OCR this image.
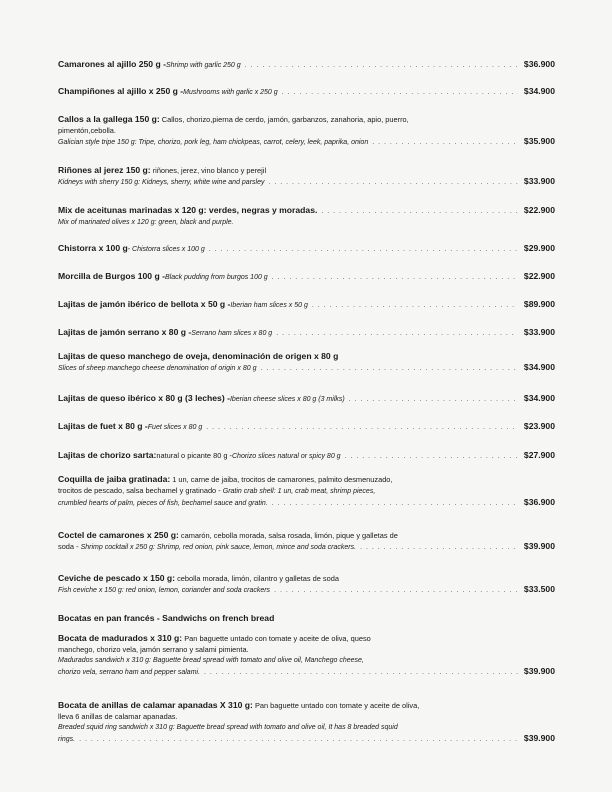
Camarones al ajillo 250 g - Shrimp with garlic 250 g . . .	$36.900
Champiñones al ajillo x 250 g - Mushrooms with garlic x 250 g . . .	$34.900
Callos a la gallega 150 g: Callos, chorizo,pierna de cerdo, jamón, garbanzos, zanahoria, apio, puerro,
pimentón,cebolla.
Galician style tripe 150 g: Tripe, chorizo, pork leg, ham chickpeas, carrot, celery, leek, paprika, onion . . .	$35.900
Riñones al jerez 150 g: riñones, jerez, vino blanco y perejil
Kidneys with sherry 150 g: Kidneys, sherry, white wine and parsley . . .	$33.900
Mix de aceitunas marinadas x 120 g: verdes, negras y moradas. . . .	$22.900
Mix of marinated olives x 120 g: green, black and purple.
Chistorra x 100 g - Chistorra slices x 100 g . . .	$29.900
Morcilla de Burgos 100 g - Black pudding from burgos 100 g . . .	$22.900
Lajitas de jamón ibérico de bellota x 50 g - Iberian ham slices x 50 g . . .	$89.900
Lajitas de jamón serrano x 80 g - Serrano ham slices x 80 g . . .	$33.900
Lajitas de queso manchego de oveja, denominación de origen x 80 g
Slices of sheep manchego cheese denomination of origin x 80 g . . .	$34.900
Lajitas de queso ibérico x 80 g (3 leches) - Iberian cheese slices x 80 g (3 milks) . . .	$34.900
Lajitas de fuet x 80 g - Fuet slices x 80 g . . .	$23.900
Lajitas de chorizo sarta: natural o picante 80 g - Chorizo slices natural or spicy 80 g . . .	$27.900
Coquilla de jaiba gratinada: 1 un, carne de jaiba, trocitos de camarones, palmito desmenuzado,
trocitos de pescado, salsa bechamel y gratinado - Gratin crab shell: 1 un, crab meat, shrimp pieces,
crumbled hearts of palm, pieces of fish, bechamel sauce and gratin. . . .	$36.900
Coctel de camarones x 250 g: camarón, cebolla morada, salsa rosada, limón, pique y galletas de
soda - Shrimp cocktail x 250 g: Shrimp, red onion, pink sauce, lemon, mince and soda crackers. . . .	$39.900
Ceviche de pescado x 150 g: cebolla morada, limón, cilantro y galletas de soda
Fish ceviche x 150 g: red onion, lemon, coriander and soda crackers . . .	$33.500
Bocatas en pan francés - Sandwichs on french bread
Bocata de madurados x 310 g: Pan baguette untado con tomate y aceite de oliva, queso
manchego, chorizo vela, jamón serrano y salami pimienta.
Madurados sandwich x 310 g: Baguette bread spread with tomato and olive oil, Manchego cheese,
chorizo vela, serrano ham and pepper salami. . . .	$39.900
Bocata de anillas de calamar apanadas X 310 g: Pan baguette untado con tomate y aceite de oliva,
lleva 6 anillas de calamar apanadas.
Breaded squid ring sandwich x 310 g: Baguette bread spread with tomato and olive oil, It has 8 breaded squid
rings. . . .	$39.900
